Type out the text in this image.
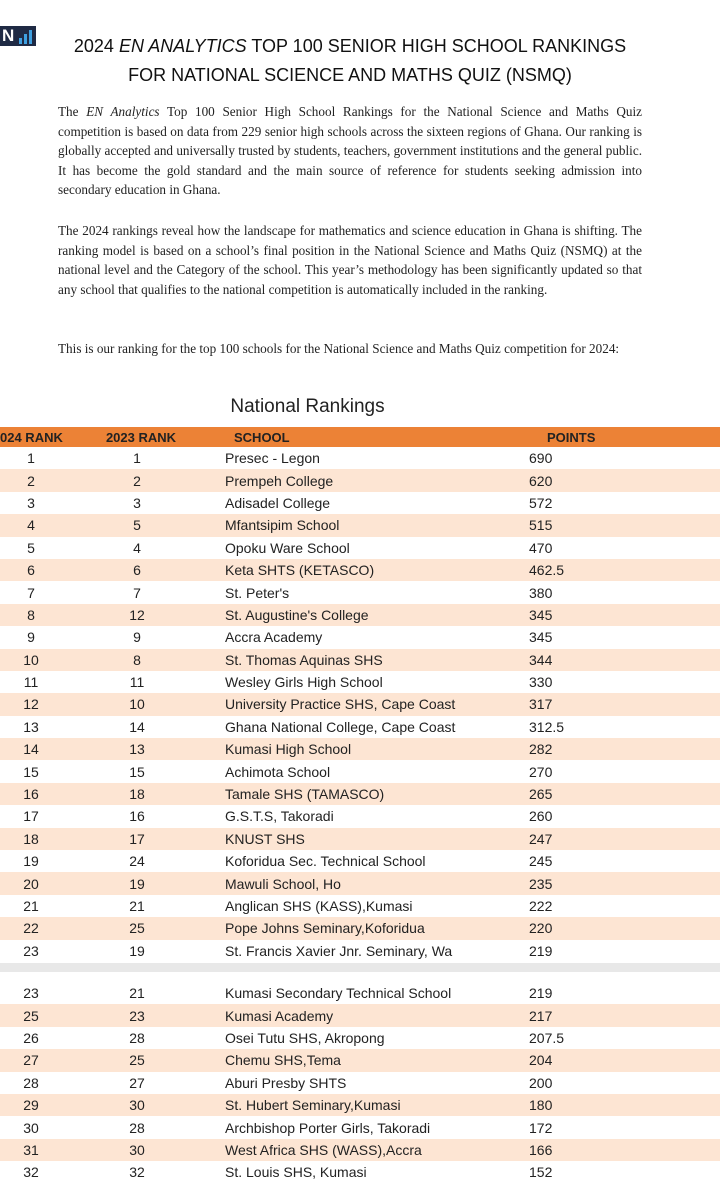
N
2024 EN ANALYTICS TOP 100 SENIOR HIGH SCHOOL RANKINGS
FOR NATIONAL SCIENCE AND MATHS QUIZ (NSMQ)

The EN Analytics Top 100 Senior High School Rankings for the National Science and Maths Quiz competition is based on data from 229 senior high schools across the sixteen regions of Ghana. Our ranking is globally accepted and universally trusted by students, teachers, government institutions and the general public. It has become the gold standard and the main source of reference for students seeking admission into secondary education in Ghana.

The 2024 rankings reveal how the landscape for mathematics and science education in Ghana is shifting. The ranking model is based on a school’s final position in the National Science and Maths Quiz (NSMQ) at the national level and the Category of the school. This year’s methodology has been significantly updated so that any school that qualifies to the national competition is automatically included in the ranking.

This is our ranking for the top 100 schools for the National Science and Maths Quiz competition for 2024:

National Rankings
024 RANK	2023 RANK	SCHOOL	POINTS
1	1	Presec - Legon	690
2	2	Prempeh College	620
3	3	Adisadel College	572
4	5	Mfantsipim School	515
5	4	Opoku Ware School	470
6	6	Keta SHTS (KETASCO)	462.5
7	7	St. Peter's	380
8	12	St. Augustine's College	345
9	9	Accra Academy	345
10	8	St. Thomas Aquinas SHS	344
11	11	Wesley Girls High School	330
12	10	University Practice SHS, Cape Coast	317
13	14	Ghana National College, Cape Coast	312.5
14	13	Kumasi High School	282
15	15	Achimota School	270
16	18	Tamale SHS (TAMASCO)	265
17	16	G.S.T.S, Takoradi	260
18	17	KNUST SHS	247
19	24	Koforidua Sec. Technical School	245
20	19	Mawuli School, Ho	235
21	21	Anglican SHS (KASS),Kumasi	222
22	25	Pope Johns Seminary,Koforidua	220
23	19	St. Francis Xavier Jnr. Seminary, Wa	219
23	21	Kumasi Secondary Technical School	219
25	23	Kumasi Academy	217
26	28	Osei Tutu SHS, Akropong	207.5
27	25	Chemu SHS,Tema	204
28	27	Aburi Presby SHTS	200
29	30	St. Hubert Seminary,Kumasi	180
30	28	Archbishop Porter Girls, Takoradi	172
31	30	West Africa SHS (WASS),Accra	166
32	32	St. Louis SHS, Kumasi	152
